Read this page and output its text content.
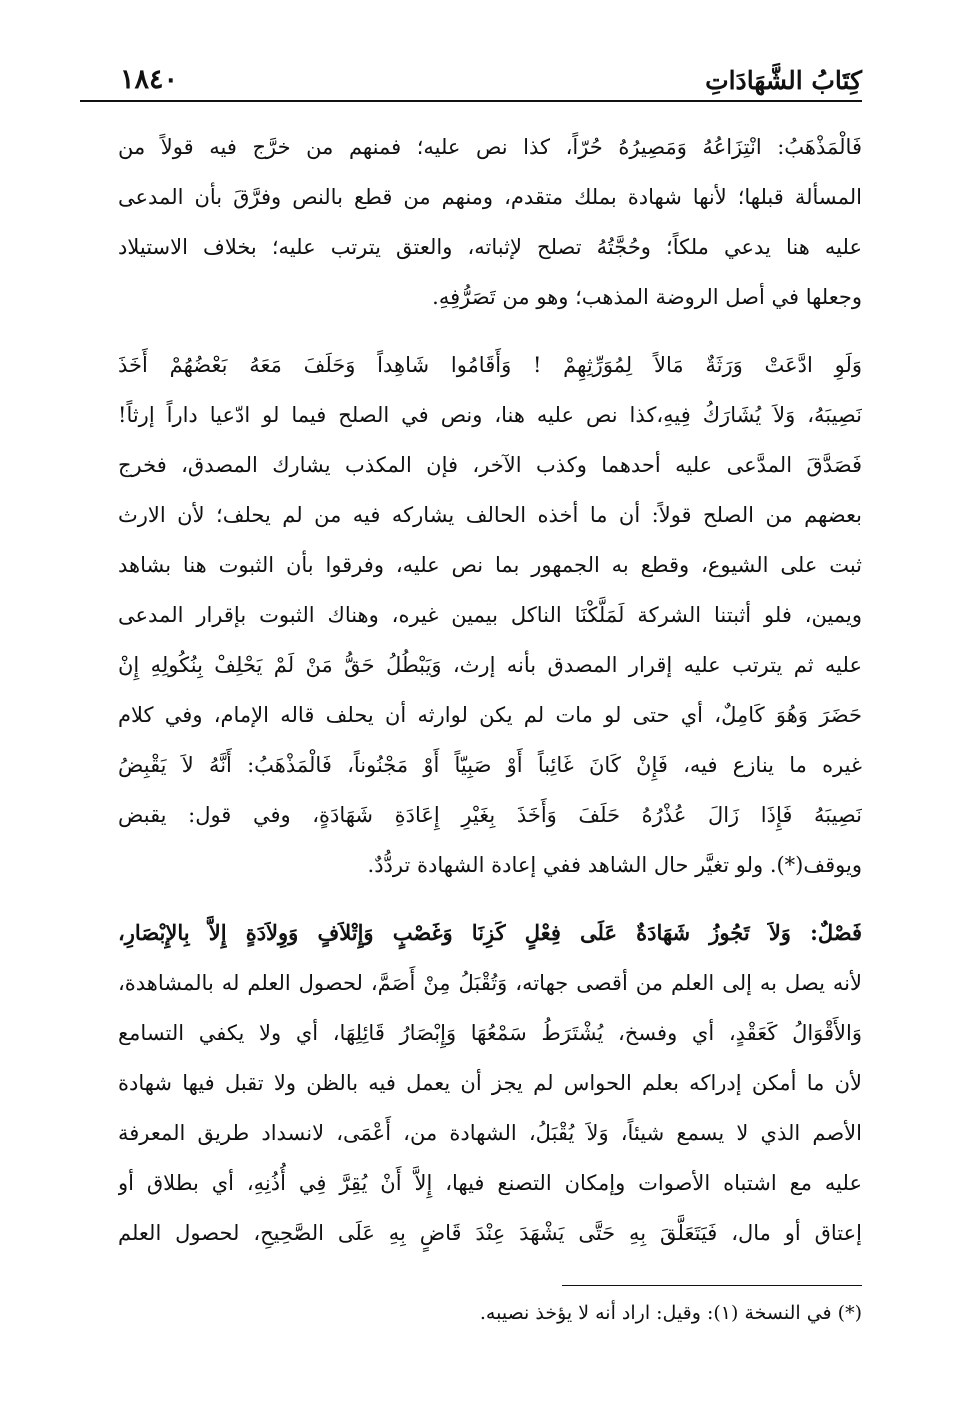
كِتَابُ الشَّهَادَاتِ
١٨٤٠
فَالْمَذْهَبُ: انْتِزَاعُهُ وَمَصِيرُهُ حُرّاً، كذا نص عليه؛ فمنهم من خرَّج فيه قولاً من
المسألة قبلها؛ لأنها شهادة بملك متقدم، ومنهم من قطع بالنص وفرَّقَ بأن المدعى
عليه هنا يدعي ملكاً؛ وحُجَّتُهُ تصلح لإثباته، والعتق يترتب عليه؛ بخلاف الاستيلاد
وجعلها في أصل الروضة المذهب؛ وهو من تَصَرُّفِهِ.
وَلَوِ ادَّعَتْ وَرَثَةٌ مَالاً لِمُوَرِّثِهِمْ ! وَأَقَامُوا شَاهِداً وَحَلَفَ مَعَهُ بَعْضُهُمْ أَخَذَ
نَصِيبَهُ، وَلاَ يُشَارَكُ فِيهِ،كذا نص عليه هنا، ونص في الصلح فيما لو ادّعيا داراً إرثاً!
فَصَدَّقَ المدَّعى عليه أحدهما وكذب الآخر، فإن المكذب يشارك المصدق، فخرج
بعضهم من الصلح قولاً: أن ما أخذه الحالف يشاركه فيه من لم يحلف؛ لأن الارث
ثبت على الشيوع، وقطع به الجمهور بما نص عليه، وفرقوا بأن الثبوت هنا بشاهد
ويمين، فلو أثبتنا الشركة لَمَلَّكْنَا الناكل بيمين غيره، وهناك الثبوت بإقرار المدعى
عليه ثم يترتب عليه إقرار المصدق بأنه إرث، وَيَبْطُلُ حَقُّ مَنْ لَمْ يَحْلِفْ بِنُكُولِهِ إِنْ
حَضَرَ وَهُوَ كَامِلٌ، أي حتى لو مات لم يكن لوارثه أن يحلف قاله الإمام، وفي كلام
غيره ما ينازع فيه، فَإِنْ كَانَ غَائِباً أَوْ صَبِيّاً أَوْ مَجْنُوناً، فَالْمَذْهَبُ: أَنَّهُ لاَ يَقْبِضُ
نَصِيبَهُ فَإِذَا زَالَ عُذْرُهُ حَلَفَ وَأَخَذَ بِغَيْرِ إِعَادَةِ شَهَادَةٍ، وفي قول: يقبض
ويوقف(*). ولو تغيَّر حال الشاهد ففي إعادة الشهادة تردُّدٌ.
فَصْلٌ: وَلاَ تَجُوزُ شَهَادَةٌ عَلَى فِعْلٍ كَزِنَا وَغَصْبٍ وَإِتْلاَفٍ وَوِلاَدَةٍ إِلاَّ بِالإِبْصَارِ،
لأنه يصل به إلى العلم من أقصى جهاته، وَتُقْبَلُ مِنْ أَصَمَّ، لحصول العلم له بالمشاهدة،
وَالأَقْوَالُ كَعَقْدٍ، أي وفسخ، يُشْتَرَطُ سَمْعُهَا وَإِبْصَارُ قَائِلِهَا، أي ولا يكفي التسامع
لأن ما أمكن إدراكه بعلم الحواس لم يجز أن يعمل فيه بالظن ولا تقبل فيها شهادة
الأصم الذي لا يسمع شيئاً، وَلاَ يُقْبَلُ، الشهادة من، أَعْمَى، لانسداد طريق المعرفة
عليه مع اشتباه الأصوات وإمكان التصنع فيها، إِلاَّ أَنْ يُقِرَّ فِي أُذُنِهِ، أي بطلاق أو
إعتاق أو مال، فَيَتَعَلَّقَ بِهِ حَتَّى يَشْهَدَ عِنْدَ قَاضٍ بِهِ عَلَى الصَّحِيحِ، لحصول العلم
(*) في النسخة (١): وقيل: اراد أنه لا يؤخذ نصيبه.
